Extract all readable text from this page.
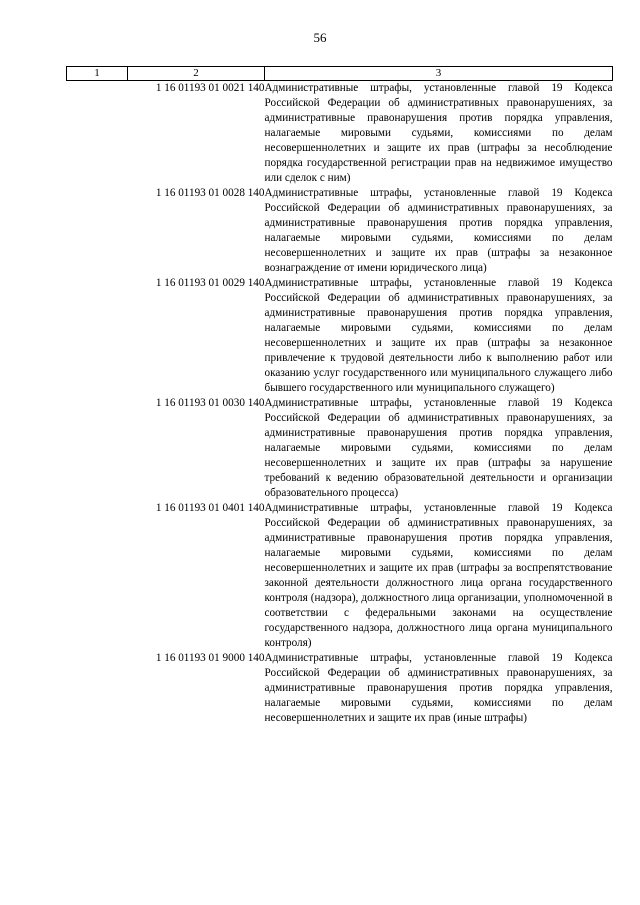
56
1	2	3
	1 16 01193 01 0021 140	Административные штрафы, установленные главой 19 Кодекса Российской Федерации об административных правонарушениях, за административные правонарушения против порядка управления, налагаемые мировыми судьями, комиссиями по делам несовершеннолетних и защите их прав (штрафы за несоблюдение порядка государственной регистрации прав на недвижимое имущество или сделок с ним)
	1 16 01193 01 0028 140	Административные штрафы, установленные главой 19 Кодекса Российской Федерации об административных правонарушениях, за административные правонарушения против порядка управления, налагаемые мировыми судьями, комиссиями по делам несовершеннолетних и защите их прав (штрафы за незаконное вознаграждение от имени юридического лица)
	1 16 01193 01 0029 140	Административные штрафы, установленные главой 19 Кодекса Российской Федерации об административных правонарушениях, за административные правонарушения против порядка управления, налагаемые мировыми судьями, комиссиями по делам несовершеннолетних и защите их прав (штрафы за незаконное привлечение к трудовой деятельности либо к выполнению работ или оказанию услуг государственного или муниципального служащего либо бывшего государственного или муниципального служащего)
	1 16 01193 01 0030 140	Административные штрафы, установленные главой 19 Кодекса Российской Федерации об административных правонарушениях, за административные правонарушения против порядка управления, налагаемые мировыми судьями, комиссиями по делам несовершеннолетних и защите их прав (штрафы за нарушение требований к ведению образовательной деятельности и организации образовательного процесса)
	1 16 01193 01 0401 140	Административные штрафы, установленные главой 19 Кодекса Российской Федерации об административных правонарушениях, за административные правонарушения против порядка управления, налагаемые мировыми судьями, комиссиями по делам несовершеннолетних и защите их прав (штрафы за воспрепятствование законной деятельности должностного лица органа государственного контроля (надзора), должностного лица организации, уполномоченной в соответствии с федеральными законами на осуществление государственного надзора, должностного лица органа муниципального контроля)
	1 16 01193 01 9000 140	Административные штрафы, установленные главой 19 Кодекса Российской Федерации об административных правонарушениях, за административные правонарушения против порядка управления, налагаемые мировыми судьями, комиссиями по делам несовершеннолетних и защите их прав (иные штрафы)
